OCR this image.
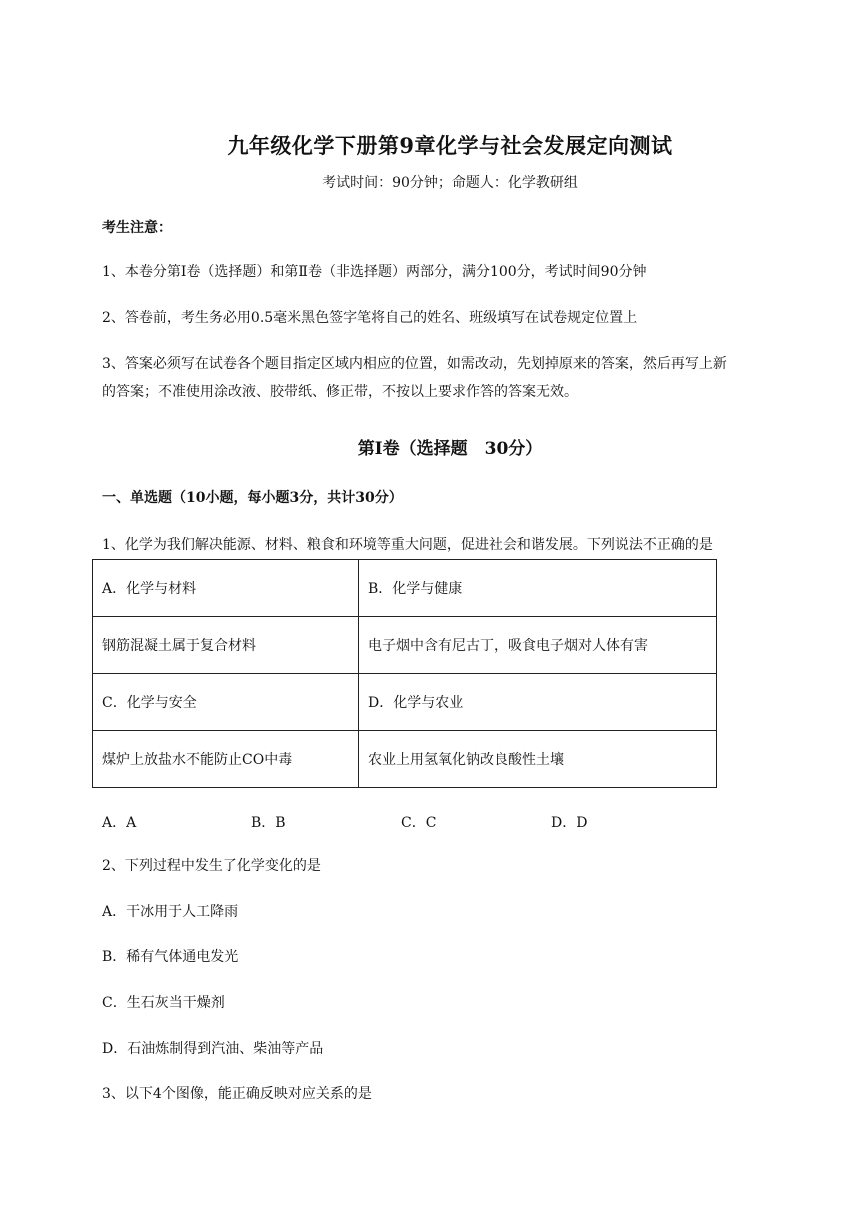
九年级化学下册第9章化学与社会发展定向测试
考试时间：90分钟；命题人：化学教研组
考生注意：
1、本卷分第I卷（选择题）和第Ⅱ卷（非选择题）两部分，满分100分，考试时间90分钟
2、答卷前，考生务必用0.5毫米黑色签字笔将自己的姓名、班级填写在试卷规定位置上
3、答案必须写在试卷各个题目指定区域内相应的位置，如需改动，先划掉原来的答案，然后再写上新
的答案；不准使用涂改液、胶带纸、修正带，不按以上要求作答的答案无效。
第I卷（选择题　30分）
一、单选题（10小题，每小题3分，共计30分）
1、化学为我们解决能源、材料、粮食和环境等重大问题，促进社会和谐发展。下列说法不正确的是
A．化学与材料	B．化学与健康
钢筋混凝土属于复合材料	电子烟中含有尼古丁，吸食电子烟对人体有害
C．化学与安全	D．化学与农业
煤炉上放盐水不能防止CO中毒	农业上用氢氧化钠改良酸性土壤
A．A	B．B	C．C	D．D
2、下列过程中发生了化学变化的是
A．干冰用于人工降雨
B．稀有气体通电发光
C．生石灰当干燥剂
D．石油炼制得到汽油、柴油等产品
3、以下4个图像，能正确反映对应关系的是
